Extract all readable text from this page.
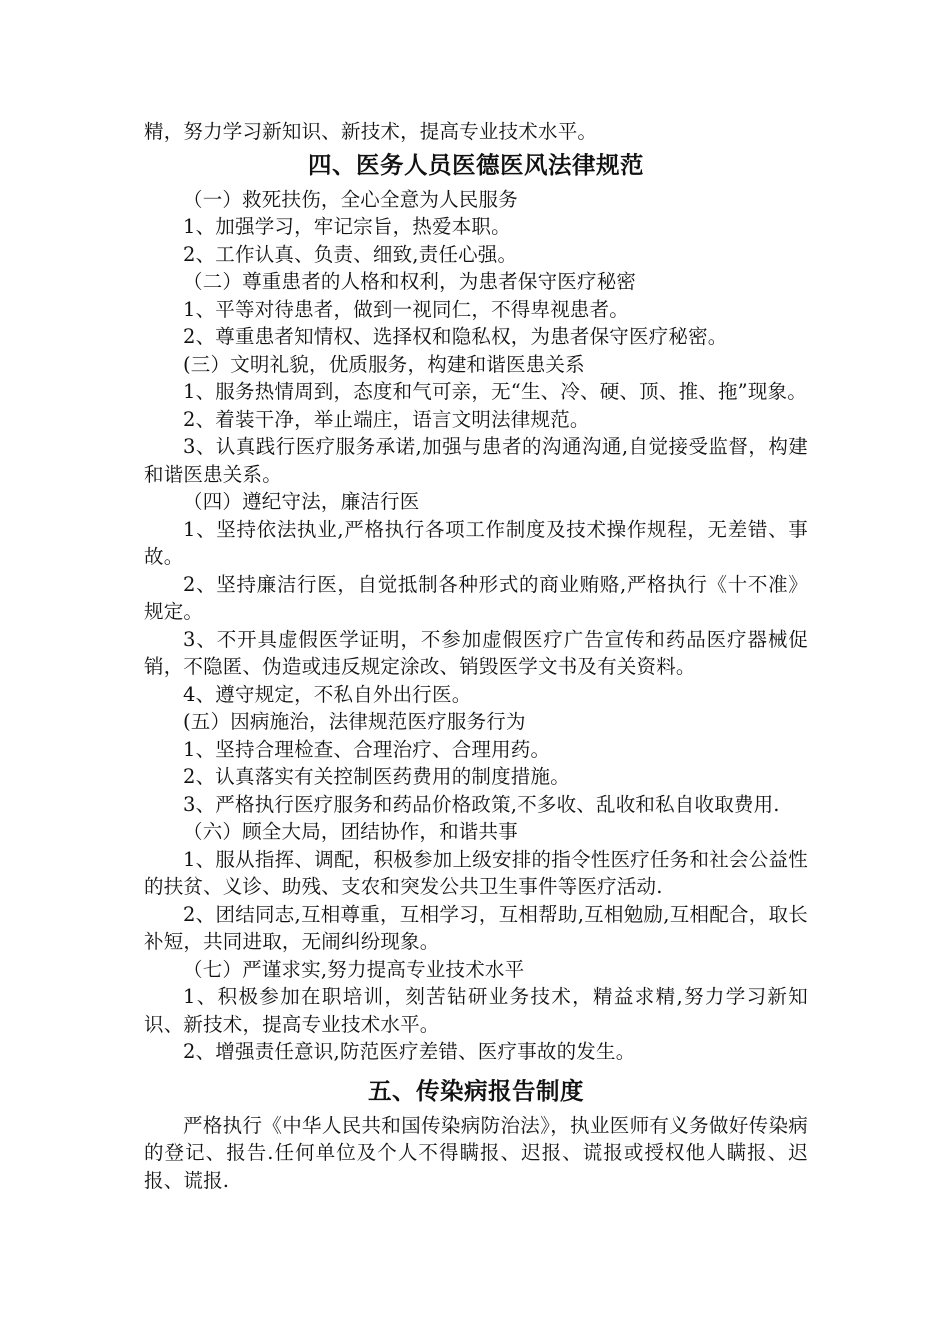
精，努力学习新知识、新技术，提高专业技术水平。

四、医务人员医德医风法律规范

（一）救死扶伤，全心全意为人民服务

1、加强学习，牢记宗旨，热爱本职。

2、工作认真、负责、细致,责任心强。

（二）尊重患者的人格和权利，为患者保守医疗秘密

1、平等对待患者，做到一视同仁，不得卑视患者。

2、尊重患者知情权、选择权和隐私权，为患者保守医疗秘密。

(三）文明礼貌，优质服务，构建和谐医患关系

1、服务热情周到，态度和气可亲，无“生、冷、硬、顶、推、拖”现象。

2、着装干净，举止端庄，语言文明法律规范。

3、认真践行医疗服务承诺,加强与患者的沟通沟通,自觉接受监督，构建和谐医患关系。

（四）遵纪守法，廉洁行医

1、坚持依法执业,严格执行各项工作制度及技术操作规程，无差错、事故。

2、坚持廉洁行医，自觉抵制各种形式的商业贿赂,严格执行《十不准》规定。

3、不开具虚假医学证明，不参加虚假医疗广告宣传和药品医疗器械促销，不隐匿、伪造或违反规定涂改、销毁医学文书及有关资料。

4、遵守规定，不私自外出行医。

(五）因病施治，法律规范医疗服务行为

1、坚持合理检查、合理治疗、合理用药。

2、认真落实有关控制医药费用的制度措施。

3、严格执行医疗服务和药品价格政策,不多收、乱收和私自收取费用.

（六）顾全大局，团结协作，和谐共事

1、服从指挥、调配，积极参加上级安排的指令性医疗任务和社会公益性的扶贫、义诊、助残、支农和突发公共卫生事件等医疗活动.

2、团结同志,互相尊重，互相学习，互相帮助,互相勉励,互相配合，取长补短，共同进取，无闹纠纷现象。

（七）严谨求实,努力提高专业技术水平

1、积极参加在职培训，刻苦钻研业务技术，精益求精,努力学习新知识、新技术，提高专业技术水平。

2、增强责任意识,防范医疗差错、医疗事故的发生。

五、传染病报告制度

严格执行《中华人民共和国传染病防治法》，执业医师有义务做好传染病的登记、报告.任何单位及个人不得瞒报、迟报、谎报或授权他人瞒报、迟报、谎报.
